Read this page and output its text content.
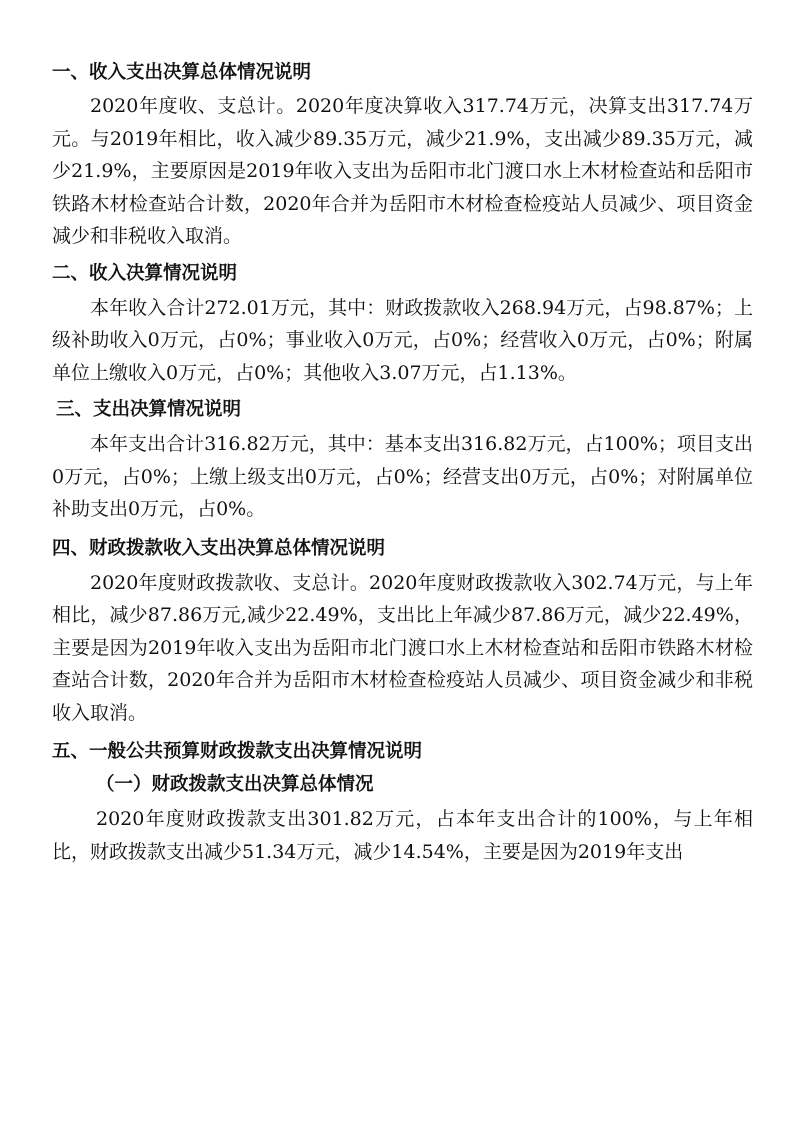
一、收入支出决算总体情况说明

2020年度收、支总计。2020年度决算收入317.74万元，决算支出317.74万元。与2019年相比，收入减少89.35万元，减少21.9%，支出减少89.35万元，减少21.9%，主要原因是2019年收入支出为岳阳市北门渡口水上木材检查站和岳阳市铁路木材检查站合计数，2020年合并为岳阳市木材检查检疫站人员减少、项目资金减少和非税收入取消。

二、收入决算情况说明

本年收入合计272.01万元，其中：财政拨款收入268.94万元，占98.87%；上级补助收入0万元，占0%；事业收入0万元，占0%；经营收入0万元，占0%；附属单位上缴收入0万元，占0%；其他收入3.07万元，占1.13%。

三、支出决算情况说明

本年支出合计316.82万元，其中：基本支出316.82万元，占100%；项目支出0万元，占0%；上缴上级支出0万元，占0%；经营支出0万元，占0%；对附属单位补助支出0万元，占0%。

四、财政拨款收入支出决算总体情况说明

2020年度财政拨款收、支总计。2020年度财政拨款收入302.74万元，与上年相比，减少87.86万元,减少22.49%，支出比上年减少87.86万元，减少22.49%，主要是因为2019年收入支出为岳阳市北门渡口水上木材检查站和岳阳市铁路木材检查站合计数，2020年合并为岳阳市木材检查检疫站人员减少、项目资金减少和非税收入取消。

五、一般公共预算财政拨款支出决算情况说明
（一）财政拨款支出决算总体情况

2020年度财政拨款支出301.82万元，占本年支出合计的100%，与上年相比，财政拨款支出减少51.34万元，减少14.54%，主要是因为2019年支出
